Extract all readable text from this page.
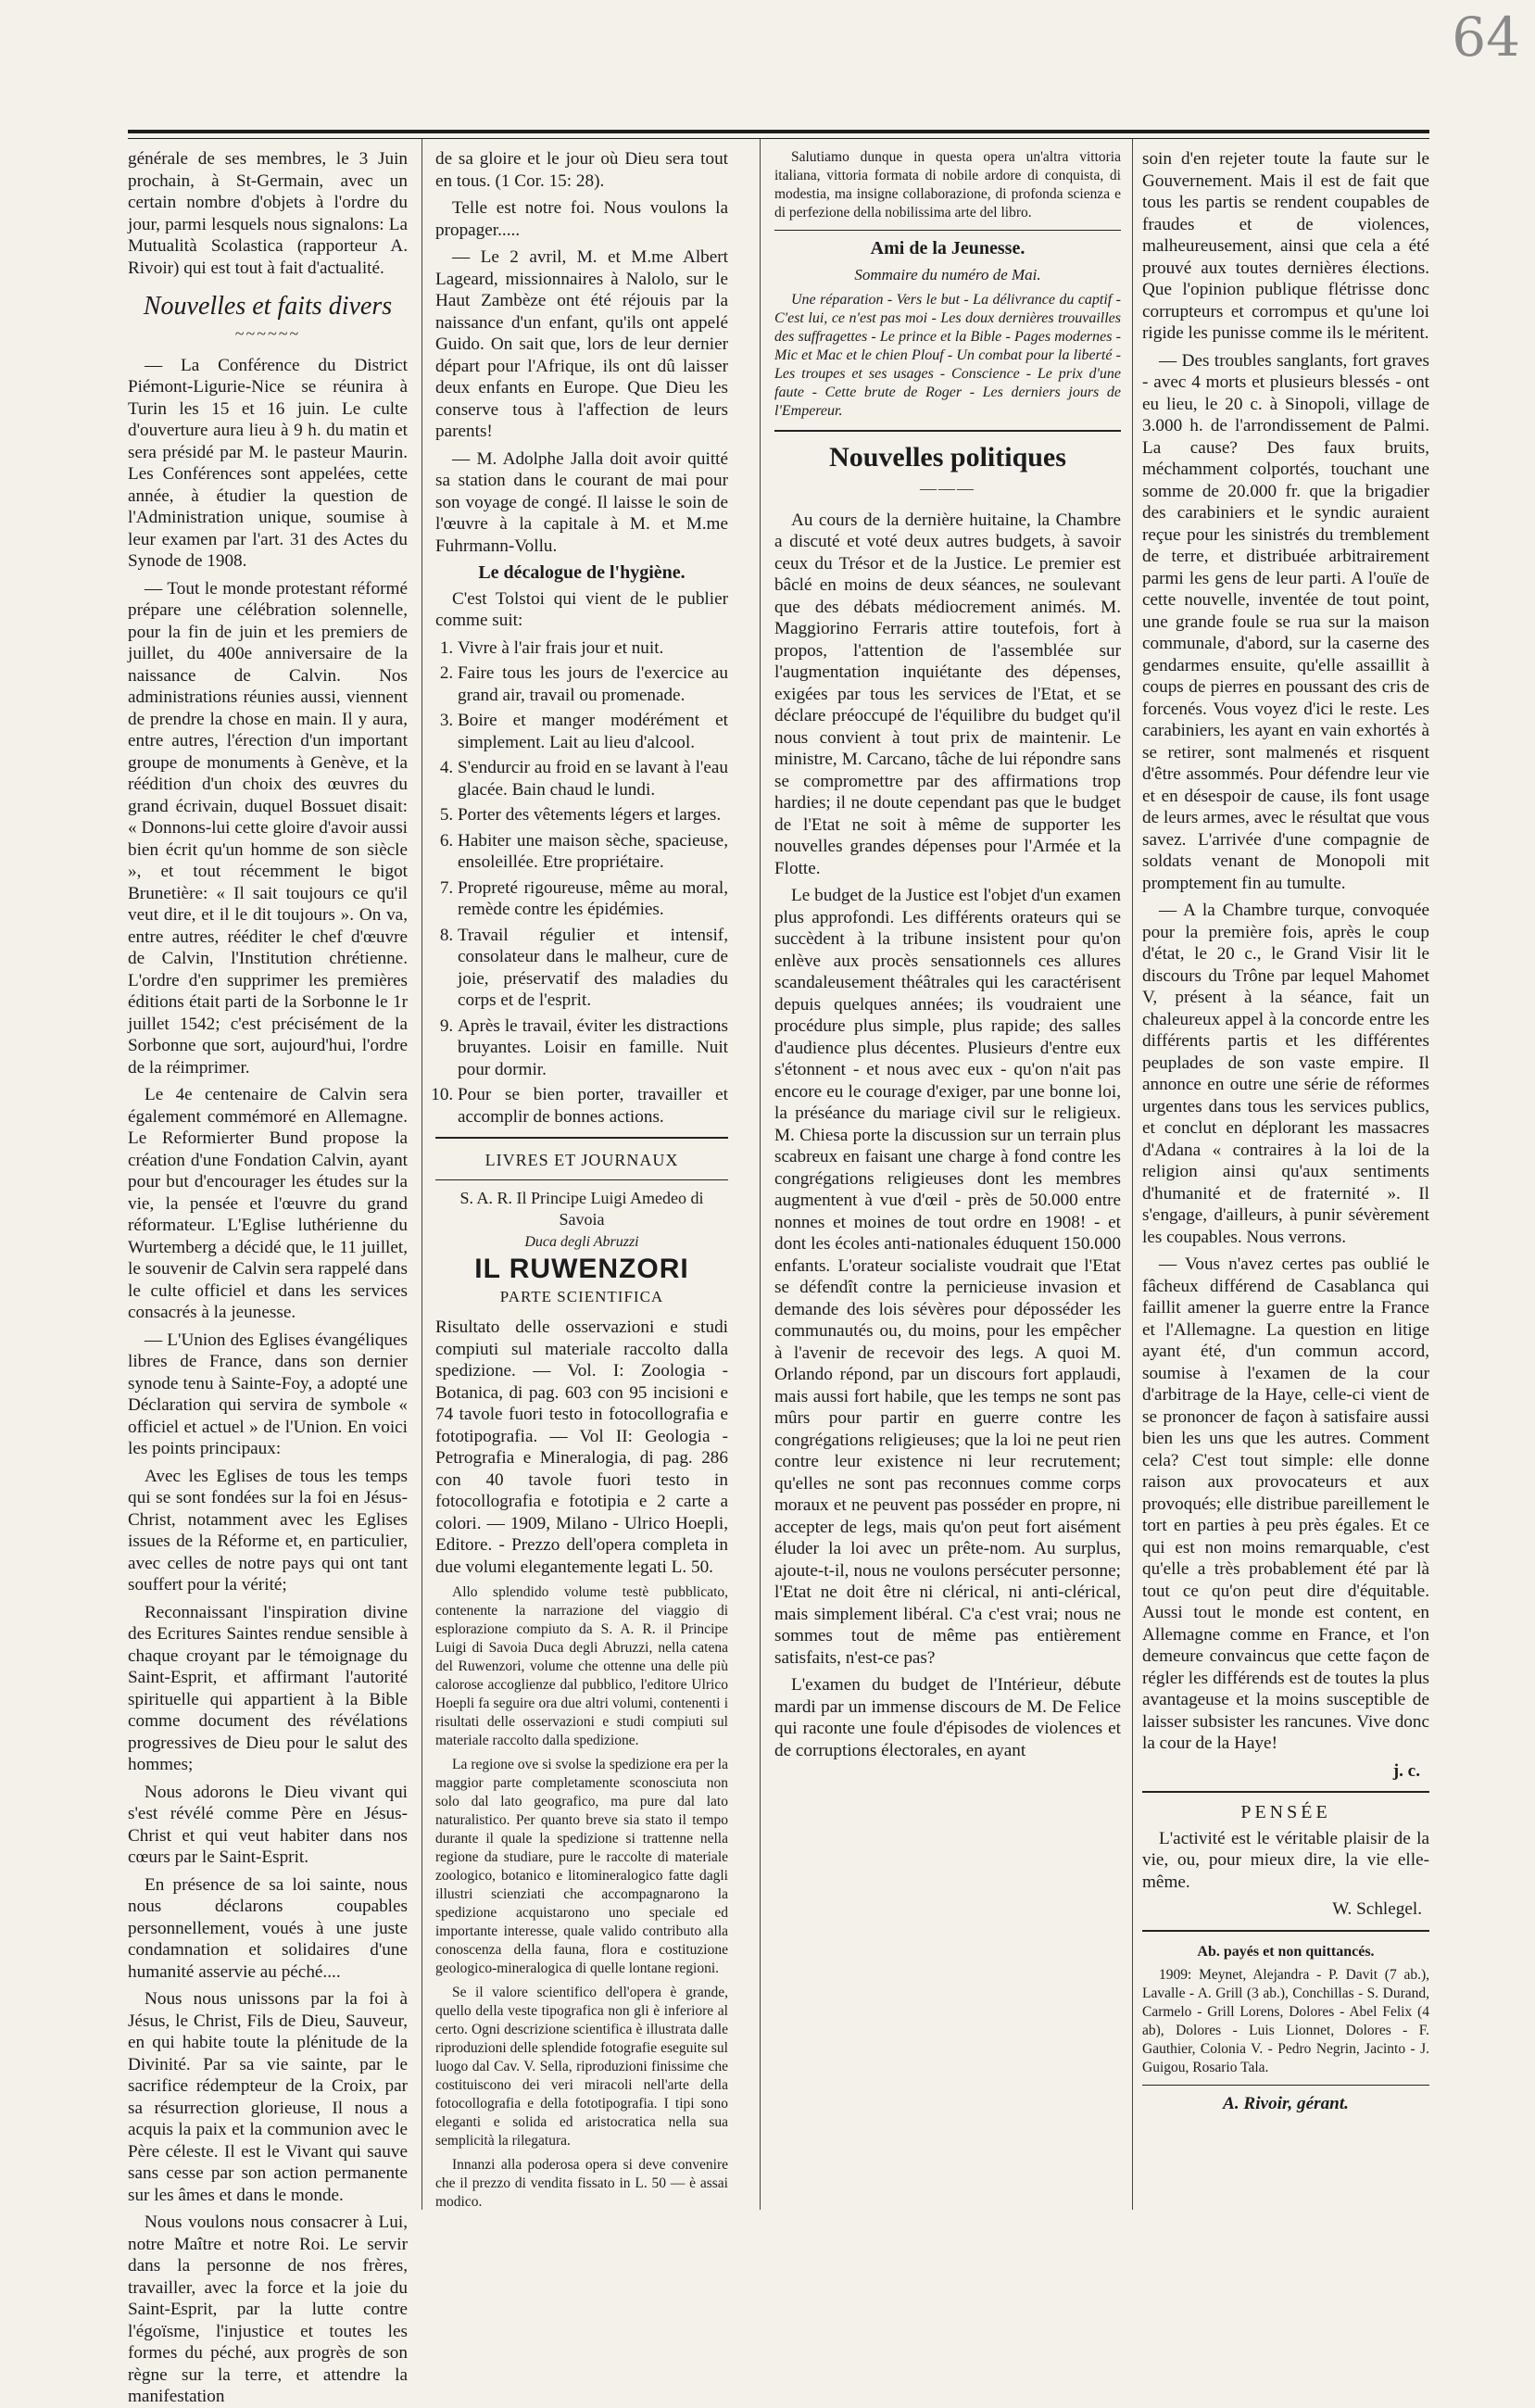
64

générale de ses membres, le 3 Juin prochain, à St-Germain, avec un certain nombre d'objets à l'ordre du jour, parmi lesquels nous signalons: La Mutualità Scolastica (rapporteur A. Rivoir) qui est tout à fait d'actualité.

Nouvelles et faits divers
~~~~~~

— La Conférence du District Piémont-Ligurie-Nice se réunira à Turin les 15 et 16 juin. Le culte d'ouverture aura lieu à 9 h. du matin et sera présidé par M. le pasteur Maurin. Les Conférences sont appelées, cette année, à étudier la question de l'Administration unique, soumise à leur examen par l'art. 31 des Actes du Synode de 1908.

— Tout le monde protestant réformé prépare une célébration solennelle, pour la fin de juin et les premiers de juillet, du 400e anniversaire de la naissance de Calvin. Nos administrations réunies aussi, viennent de prendre la chose en main. Il y aura, entre autres, l'érection d'un important groupe de monuments à Genève, et la réédition d'un choix des œuvres du grand écrivain, duquel Bossuet disait: « Donnons-lui cette gloire d'avoir aussi bien écrit qu'un homme de son siècle », et tout récemment le bigot Brunetière: « Il sait toujours ce qu'il veut dire, et il le dit toujours ». On va, entre autres, rééditer le chef d'œuvre de Calvin, l'Institution chrétienne. L'ordre d'en supprimer les premières éditions était parti de la Sorbonne le 1r juillet 1542; c'est précisément de la Sorbonne que sort, aujourd'hui, l'ordre de la réimprimer.

Le 4e centenaire de Calvin sera également commémoré en Allemagne. Le Reformierter Bund propose la création d'une Fondation Calvin, ayant pour but d'encourager les études sur la vie, la pensée et l'œuvre du grand réformateur. L'Eglise luthérienne du Wurtemberg a décidé que, le 11 juillet, le souvenir de Calvin sera rappelé dans le culte officiel et dans les services consacrés à la jeunesse.

— L'Union des Eglises évangéliques libres de France, dans son dernier synode tenu à Sainte-Foy, a adopté une Déclaration qui servira de symbole « officiel et actuel » de l'Union. En voici les points principaux:

Avec les Eglises de tous les temps qui se sont fondées sur la foi en Jésus-Christ, notamment avec les Eglises issues de la Réforme et, en particulier, avec celles de notre pays qui ont tant souffert pour la vérité;

Reconnaissant l'inspiration divine des Ecritures Saintes rendue sensible à chaque croyant par le témoignage du Saint-Esprit, et affirmant l'autorité spirituelle qui appartient à la Bible comme document des révélations progressives de Dieu pour le salut des hommes;

Nous adorons le Dieu vivant qui s'est révélé comme Père en Jésus-Christ et qui veut habiter dans nos cœurs par le Saint-Esprit.

En présence de sa loi sainte, nous nous déclarons coupables personnellement, voués à une juste condamnation et solidaires d'une humanité asservie au péché....

Nous nous unissons par la foi à Jésus, le Christ, Fils de Dieu, Sauveur, en qui habite toute la plénitude de la Divinité. Par sa vie sainte, par le sacrifice rédempteur de la Croix, par sa résurrection glorieuse, Il nous a acquis la paix et la communion avec le Père céleste. Il est le Vivant qui sauve sans cesse par son action permanente sur les âmes et dans le monde.

Nous voulons nous consacrer à Lui, notre Maître et notre Roi. Le servir dans la personne de nos frères, travailler, avec la force et la joie du Saint-Esprit, par la lutte contre l'égoïsme, l'injustice et toutes les formes du péché, aux progrès de son règne sur la terre, et attendre la manifestation

de sa gloire et le jour où Dieu sera tout en tous. (1 Cor. 15: 28).

Telle est notre foi. Nous voulons la propager.....

— Le 2 avril, M. et M.me Albert Lageard, missionnaires à Nalolo, sur le Haut Zambèze ont été réjouis par la naissance d'un enfant, qu'ils ont appelé Guido. On sait que, lors de leur dernier départ pour l'Afrique, ils ont dû laisser deux enfants en Europe. Que Dieu les conserve tous à l'affection de leurs parents!

— M. Adolphe Jalla doit avoir quitté sa station dans le courant de mai pour son voyage de congé. Il laisse le soin de l'œuvre à la capitale à M. et M.me Fuhrmann-Vollu.

Le décalogue de l'hygiène.

C'est Tolstoi qui vient de le publier comme suit:

1. Vivre à l'air frais jour et nuit.
2. Faire tous les jours de l'exercice au grand air, travail ou promenade.
3. Boire et manger modérément et simplement. Lait au lieu d'alcool.
4. S'endurcir au froid en se lavant à l'eau glacée. Bain chaud le lundi.
5. Porter des vêtements légers et larges.
6. Habiter une maison sèche, spacieuse, ensoleillée. Etre propriétaire.
7. Propreté rigoureuse, même au moral, remède contre les épidémies.
8. Travail régulier et intensif, consolateur dans le malheur, cure de joie, préservatif des maladies du corps et de l'esprit.
9. Après le travail, éviter les distractions bruyantes. Loisir en famille. Nuit pour dormir.
10. Pour se bien porter, travailler et accomplir de bonnes actions.
LIVRES ET JOURNAUX
S. A. R. Il Principe Luigi Amedeo di Savoia
Duca degli Abruzzi
IL RUWENZORI
PARTE SCIENTIFICA

Risultato delle osservazioni e studi compiuti sul materiale raccolto dalla spedizione. — Vol. I: Zoologia - Botanica, di pag. 603 con 95 incisioni e 74 tavole fuori testo in fotocollografia e fototipografia. — Vol II: Geologia - Petrografia e Mineralogia, di pag. 286 con 40 tavole fuori testo in fotocollografia e fototipia e 2 carte a colori. — 1909, Milano - Ulrico Hoepli, Editore. - Prezzo dell'opera completa in due volumi elegantemente legati L. 50.

Allo splendido volume testè pubblicato, contenente la narrazione del viaggio di esplorazione compiuto da S. A. R. il Principe Luigi di Savoia Duca degli Abruzzi, nella catena del Ruwenzori, volume che ottenne una delle più calorose accoglienze dal pubblico, l'editore Ulrico Hoepli fa seguire ora due altri volumi, contenenti i risultati delle osservazioni e studi compiuti sul materiale raccolto dalla spedizione.

La regione ove si svolse la spedizione era per la maggior parte completamente sconosciuta non solo dal lato geografico, ma pure dal lato naturalistico. Per quanto breve sia stato il tempo durante il quale la spedizione si trattenne nella regione da studiare, pure le raccolte di materiale zoologico, botanico e litomineralogico fatte dagli illustri scienziati che accompagnarono la spedizione acquistarono uno speciale ed importante interesse, quale valido contributo alla conoscenza della fauna, flora e costituzione geologico-mineralogica di quelle lontane regioni.

Se il valore scientifico dell'opera è grande, quello della veste tipografica non gli è inferiore al certo. Ogni descrizione scientifica è illustrata dalle riproduzioni delle splendide fotografie eseguite sul luogo dal Cav. V. Sella, riproduzioni finissime che costituiscono dei veri miracoli nell'arte della fotocollografia e della fototipografia. I tipi sono eleganti e solida ed aristocratica nella sua semplicità la rilegatura.

Innanzi alla poderosa opera si deve convenire che il prezzo di vendita fissato in L. 50 — è assai modico.

Salutiamo dunque in questa opera un'altra vittoria italiana, vittoria formata di nobile ardore di conquista, di modestia, ma insigne collaborazione, di profonda scienza e di perfezione della nobilissima arte del libro.

Ami de la Jeunesse.
Sommaire du numéro de Mai.

Une réparation - Vers le but - La délivrance du captif - C'est lui, ce n'est pas moi - Les doux dernières trouvailles des suffragettes - Le prince et la Bible - Pages modernes - Mic et Mac et le chien Plouf - Un combat pour la liberté - Les troupes et ses usages - Conscience - Le prix d'une faute - Cette brute de Roger - Les derniers jours de l'Empereur.

Nouvelles politiques
———

Au cours de la dernière huitaine, la Chambre a discuté et voté deux autres budgets, à savoir ceux du Trésor et de la Justice. Le premier est bâclé en moins de deux séances, ne soulevant que des débats médiocrement animés. M. Maggiorino Ferraris attire toutefois, fort à propos, l'attention de l'assemblée sur l'augmentation inquiétante des dépenses, exigées par tous les services de l'Etat, et se déclare préoccupé de l'équilibre du budget qu'il nous convient à tout prix de maintenir. Le ministre, M. Carcano, tâche de lui répondre sans se compromettre par des affirmations trop hardies; il ne doute cependant pas que le budget de l'Etat ne soit à même de supporter les nouvelles grandes dépenses pour l'Armée et la Flotte.

Le budget de la Justice est l'objet d'un examen plus approfondi. Les différents orateurs qui se succèdent à la tribune insistent pour qu'on enlève aux procès sensationnels ces allures scandaleusement théâtrales qui les caractérisent depuis quelques années; ils voudraient une procédure plus simple, plus rapide; des salles d'audience plus décentes. Plusieurs d'entre eux s'étonnent - et nous avec eux - qu'on n'ait pas encore eu le courage d'exiger, par une bonne loi, la préséance du mariage civil sur le religieux. M. Chiesa porte la discussion sur un terrain plus scabreux en faisant une charge à fond contre les congrégations religieuses dont les membres augmentent à vue d'œil - près de 50.000 entre nonnes et moines de tout ordre en 1908! - et dont les écoles anti-nationales éduquent 150.000 enfants. L'orateur socialiste voudrait que l'Etat se défendît contre la pernicieuse invasion et demande des lois sévères pour déposséder les communautés ou, du moins, pour les empêcher à l'avenir de recevoir des legs. A quoi M. Orlando répond, par un discours fort applaudi, mais aussi fort habile, que les temps ne sont pas mûrs pour partir en guerre contre les congrégations religieuses; que la loi ne peut rien contre leur existence ni leur recrutement; qu'elles ne sont pas reconnues comme corps moraux et ne peuvent pas posséder en propre, ni accepter de legs, mais qu'on peut fort aisément éluder la loi avec un prête-nom. Au surplus, ajoute-t-il, nous ne voulons persécuter personne; l'Etat ne doit être ni clérical, ni anti-clérical, mais simplement libéral. C'a c'est vrai; nous ne sommes tout de même pas entièrement satisfaits, n'est-ce pas?

L'examen du budget de l'Intérieur, débute mardi par un immense discours de M. De Felice qui raconte une foule d'épisodes de violences et de corruptions électorales, en ayant

soin d'en rejeter toute la faute sur le Gouvernement. Mais il est de fait que tous les partis se rendent coupables de fraudes et de violences, malheureusement, ainsi que cela a été prouvé aux toutes dernières élections. Que l'opinion publique flétrisse donc corrupteurs et corrompus et qu'une loi rigide les punisse comme ils le méritent.

— Des troubles sanglants, fort graves - avec 4 morts et plusieurs blessés - ont eu lieu, le 20 c. à Sinopoli, village de 3.000 h. de l'arrondissement de Palmi. La cause? Des faux bruits, méchamment colportés, touchant une somme de 20.000 fr. que la brigadier des carabiniers et le syndic auraient reçue pour les sinistrés du tremblement de terre, et distribuée arbitrairement parmi les gens de leur parti. A l'ouïe de cette nouvelle, inventée de tout point, une grande foule se rua sur la maison communale, d'abord, sur la caserne des gendarmes ensuite, qu'elle assaillit à coups de pierres en poussant des cris de forcenés. Vous voyez d'ici le reste. Les carabiniers, les ayant en vain exhortés à se retirer, sont malmenés et risquent d'être assommés. Pour défendre leur vie et en désespoir de cause, ils font usage de leurs armes, avec le résultat que vous savez. L'arrivée d'une compagnie de soldats venant de Monopoli mit promptement fin au tumulte.

— A la Chambre turque, convoquée pour la première fois, après le coup d'état, le 20 c., le Grand Visir lit le discours du Trône par lequel Mahomet V, présent à la séance, fait un chaleureux appel à la concorde entre les différents partis et les différentes peuplades de son vaste empire. Il annonce en outre une série de réformes urgentes dans tous les services publics, et conclut en déplorant les massacres d'Adana « contraires à la loi de la religion ainsi qu'aux sentiments d'humanité et de fraternité ». Il s'engage, d'ailleurs, à punir sévèrement les coupables. Nous verrons.

— Vous n'avez certes pas oublié le fâcheux différend de Casablanca qui faillit amener la guerre entre la France et l'Allemagne. La question en litige ayant été, d'un commun accord, soumise à l'examen de la cour d'arbitrage de la Haye, celle-ci vient de se prononcer de façon à satisfaire aussi bien les uns que les autres. Comment cela? C'est tout simple: elle donne raison aux provocateurs et aux provoqués; elle distribue pareillement le tort en parties à peu près égales. Et ce qui est non moins remarquable, c'est qu'elle a très probablement été par là tout ce qu'on peut dire d'équitable. Aussi tout le monde est content, en Allemagne comme en France, et l'on demeure convaincus que cette façon de régler les différends est de toutes la plus avantageuse et la moins susceptible de laisser subsister les rancunes. Vive donc la cour de la Haye!

j. c.
PENSÉE

L'activité est le véritable plaisir de la vie, ou, pour mieux dire, la vie elle-même.

W. Schlegel.
Ab. payés et non quittancés.

1909: Meynet, Alejandra - P. Davit (7 ab.), Lavalle - A. Grill (3 ab.), Conchillas - S. Durand, Carmelo - Grill Lorens, Dolores - Abel Felix (4 ab), Dolores - Luis Lionnet, Dolores - F. Gauthier, Colonia V. - Pedro Negrin, Jacinto - J. Guigou, Rosario Tala.

A. Rivoir, gérant.
